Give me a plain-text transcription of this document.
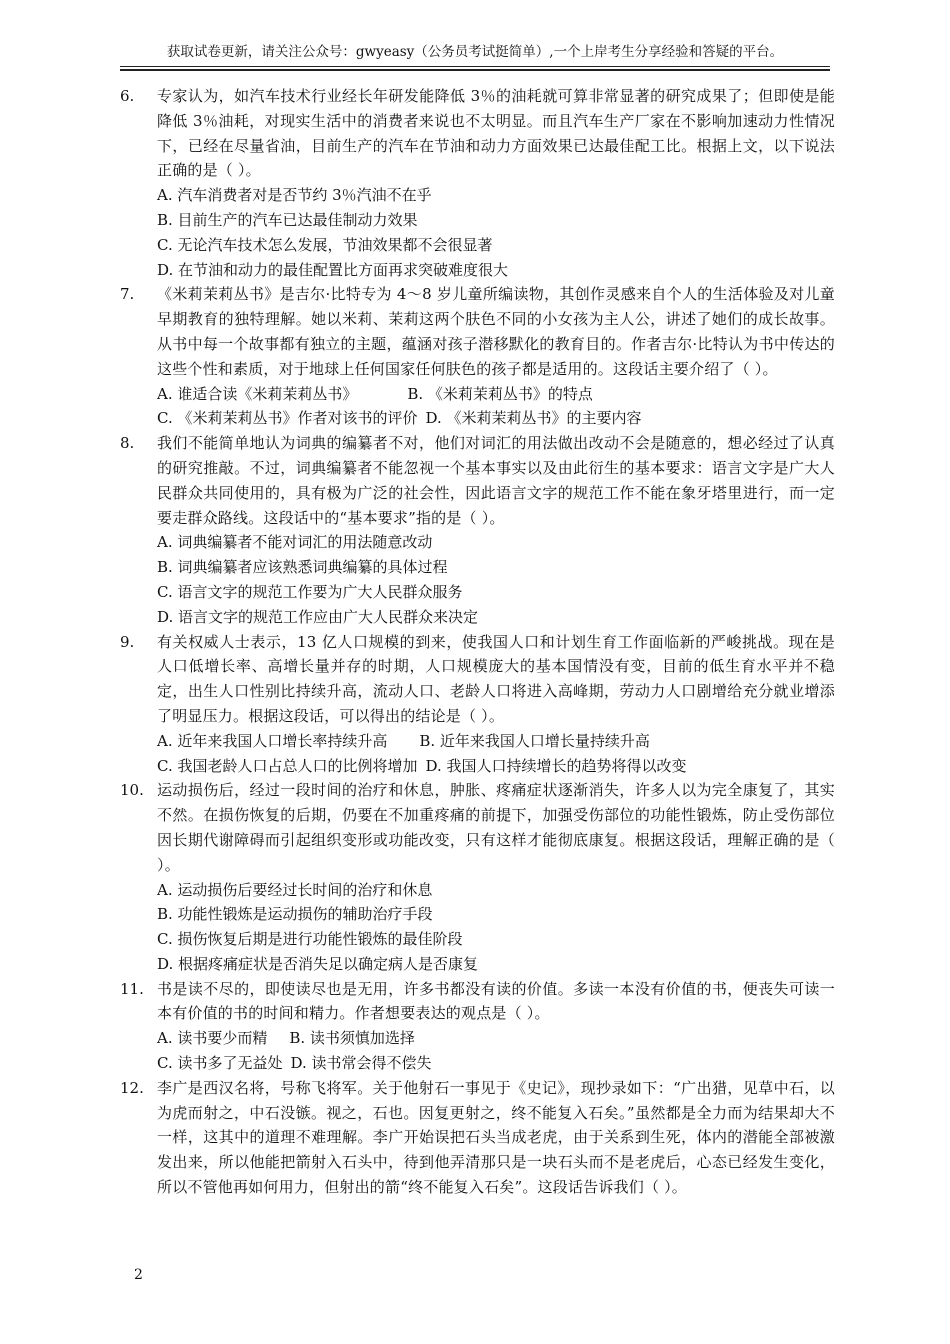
获取试卷更新，请关注公众号：gwyeasy（公务员考试挺简单）,一个上岸考生分享经验和答疑的平台。
6. 专家认为，如汽车技术行业经长年研发能降低 3％的油耗就可算非常显著的研究成果了；但即使是能降低 3％油耗，对现实生活中的消费者来说也不太明显。而且汽车生产厂家在不影响加速动力性情况下，已经在尽量省油，目前生产的汽车在节油和动力方面效果已达最佳配工比。根据上文，以下说法正确的是（ ）。
A. 汽车消费者对是否节约 3％汽油不在乎
B. 目前生产的汽车已达最佳制动力效果
C. 无论汽车技术怎么发展，节油效果都不会很显著
D. 在节油和动力的最佳配置比方面再求突破难度很大
7. 《米莉茉莉丛书》是吉尔·比特专为 4～8 岁儿童所编读物，其创作灵感来自个人的生活体验及对儿童早期教育的独特理解。她以米莉、茉莉这两个肤色不同的小女孩为主人公，讲述了她们的成长故事。从书中每一个故事都有独立的主题，蕴涵对孩子潜移默化的教育目的。作者吉尔·比特认为书中传达的这些个性和素质，对于地球上任何国家任何肤色的孩子都是适用的。这段话主要介绍了（ ）。
A. 谁适合读《米莉茉莉丛书》	B. 《米莉茉莉丛书》的特点
C. 《米莉茉莉丛书》作者对该书的评价 D. 《米莉茉莉丛书》的主要内容
8. 我们不能简单地认为词典的编纂者不对，他们对词汇的用法做出改动不会是随意的，想必经过了认真的研究推敲。不过，词典编纂者不能忽视一个基本事实以及由此衍生的基本要求：语言文字是广大人民群众共同使用的，具有极为广泛的社会性，因此语言文字的规范工作不能在象牙塔里进行，而一定要走群众路线。这段话中的“基本要求”指的是（ ）。
A. 词典编纂者不能对词汇的用法随意改动
B. 词典编纂者应该熟悉词典编纂的具体过程
C. 语言文字的规范工作要为广大人民群众服务
D. 语言文字的规范工作应由广大人民群众来决定
9. 有关权威人士表示，13 亿人口规模的到来，使我国人口和计划生育工作面临新的严峻挑战。现在是人口低增长率、高增长量并存的时期，人口规模庞大的基本国情没有变，目前的低生育水平并不稳定，出生人口性别比持续升高，流动人口、老龄人口将进入高峰期，劳动力人口剧增给充分就业增添了明显压力。根据这段话，可以得出的结论是（ ）。
A. 近年来我国人口增长率持续升高 B. 近年来我国人口增长量持续升高
C. 我国老龄人口占总人口的比例将增加 D. 我国人口持续增长的趋势将得以改变
10. 运动损伤后，经过一段时间的治疗和休息，肿胀、疼痛症状逐渐消失，许多人以为完全康复了，其实不然。在损伤恢复的后期，仍要在不加重疼痛的前提下，加强受伤部位的功能性锻炼，防止受伤部位因长期代谢障碍而引起组织变形或功能改变，只有这样才能彻底康复。根据这段话，理解正确的是（ ）。
A. 运动损伤后要经过长时间的治疗和休息
B. 功能性锻炼是运动损伤的辅助治疗手段
C. 损伤恢复后期是进行功能性锻炼的最佳阶段
D. 根据疼痛症状是否消失足以确定病人是否康复
11. 书是读不尽的，即使读尽也是无用，许多书都没有读的价值。多读一本没有价值的书，便丧失可读一本有价值的书的时间和精力。作者想要表达的观点是（ ）。
A. 读书要少而精 B. 读书须慎加选择
C. 读书多了无益处 D. 读书常会得不偿失
12. 李广是西汉名将，号称飞将军。关于他射石一事见于《史记》，现抄录如下：“广出猎，见草中石，以为虎而射之，中石没镞。视之，石也。因复更射之，终不能复入石矣。”虽然都是全力而为结果却大不一样，这其中的道理不难理解。李广开始误把石头当成老虎，由于关系到生死，体内的潜能全部被激发出来，所以他能把箭射入石头中，待到他弄清那只是一块石头而不是老虎后，心态已经发生变化，所以不管他再如何用力，但射出的箭“终不能复入石矣”。这段话告诉我们（ ）。
2
